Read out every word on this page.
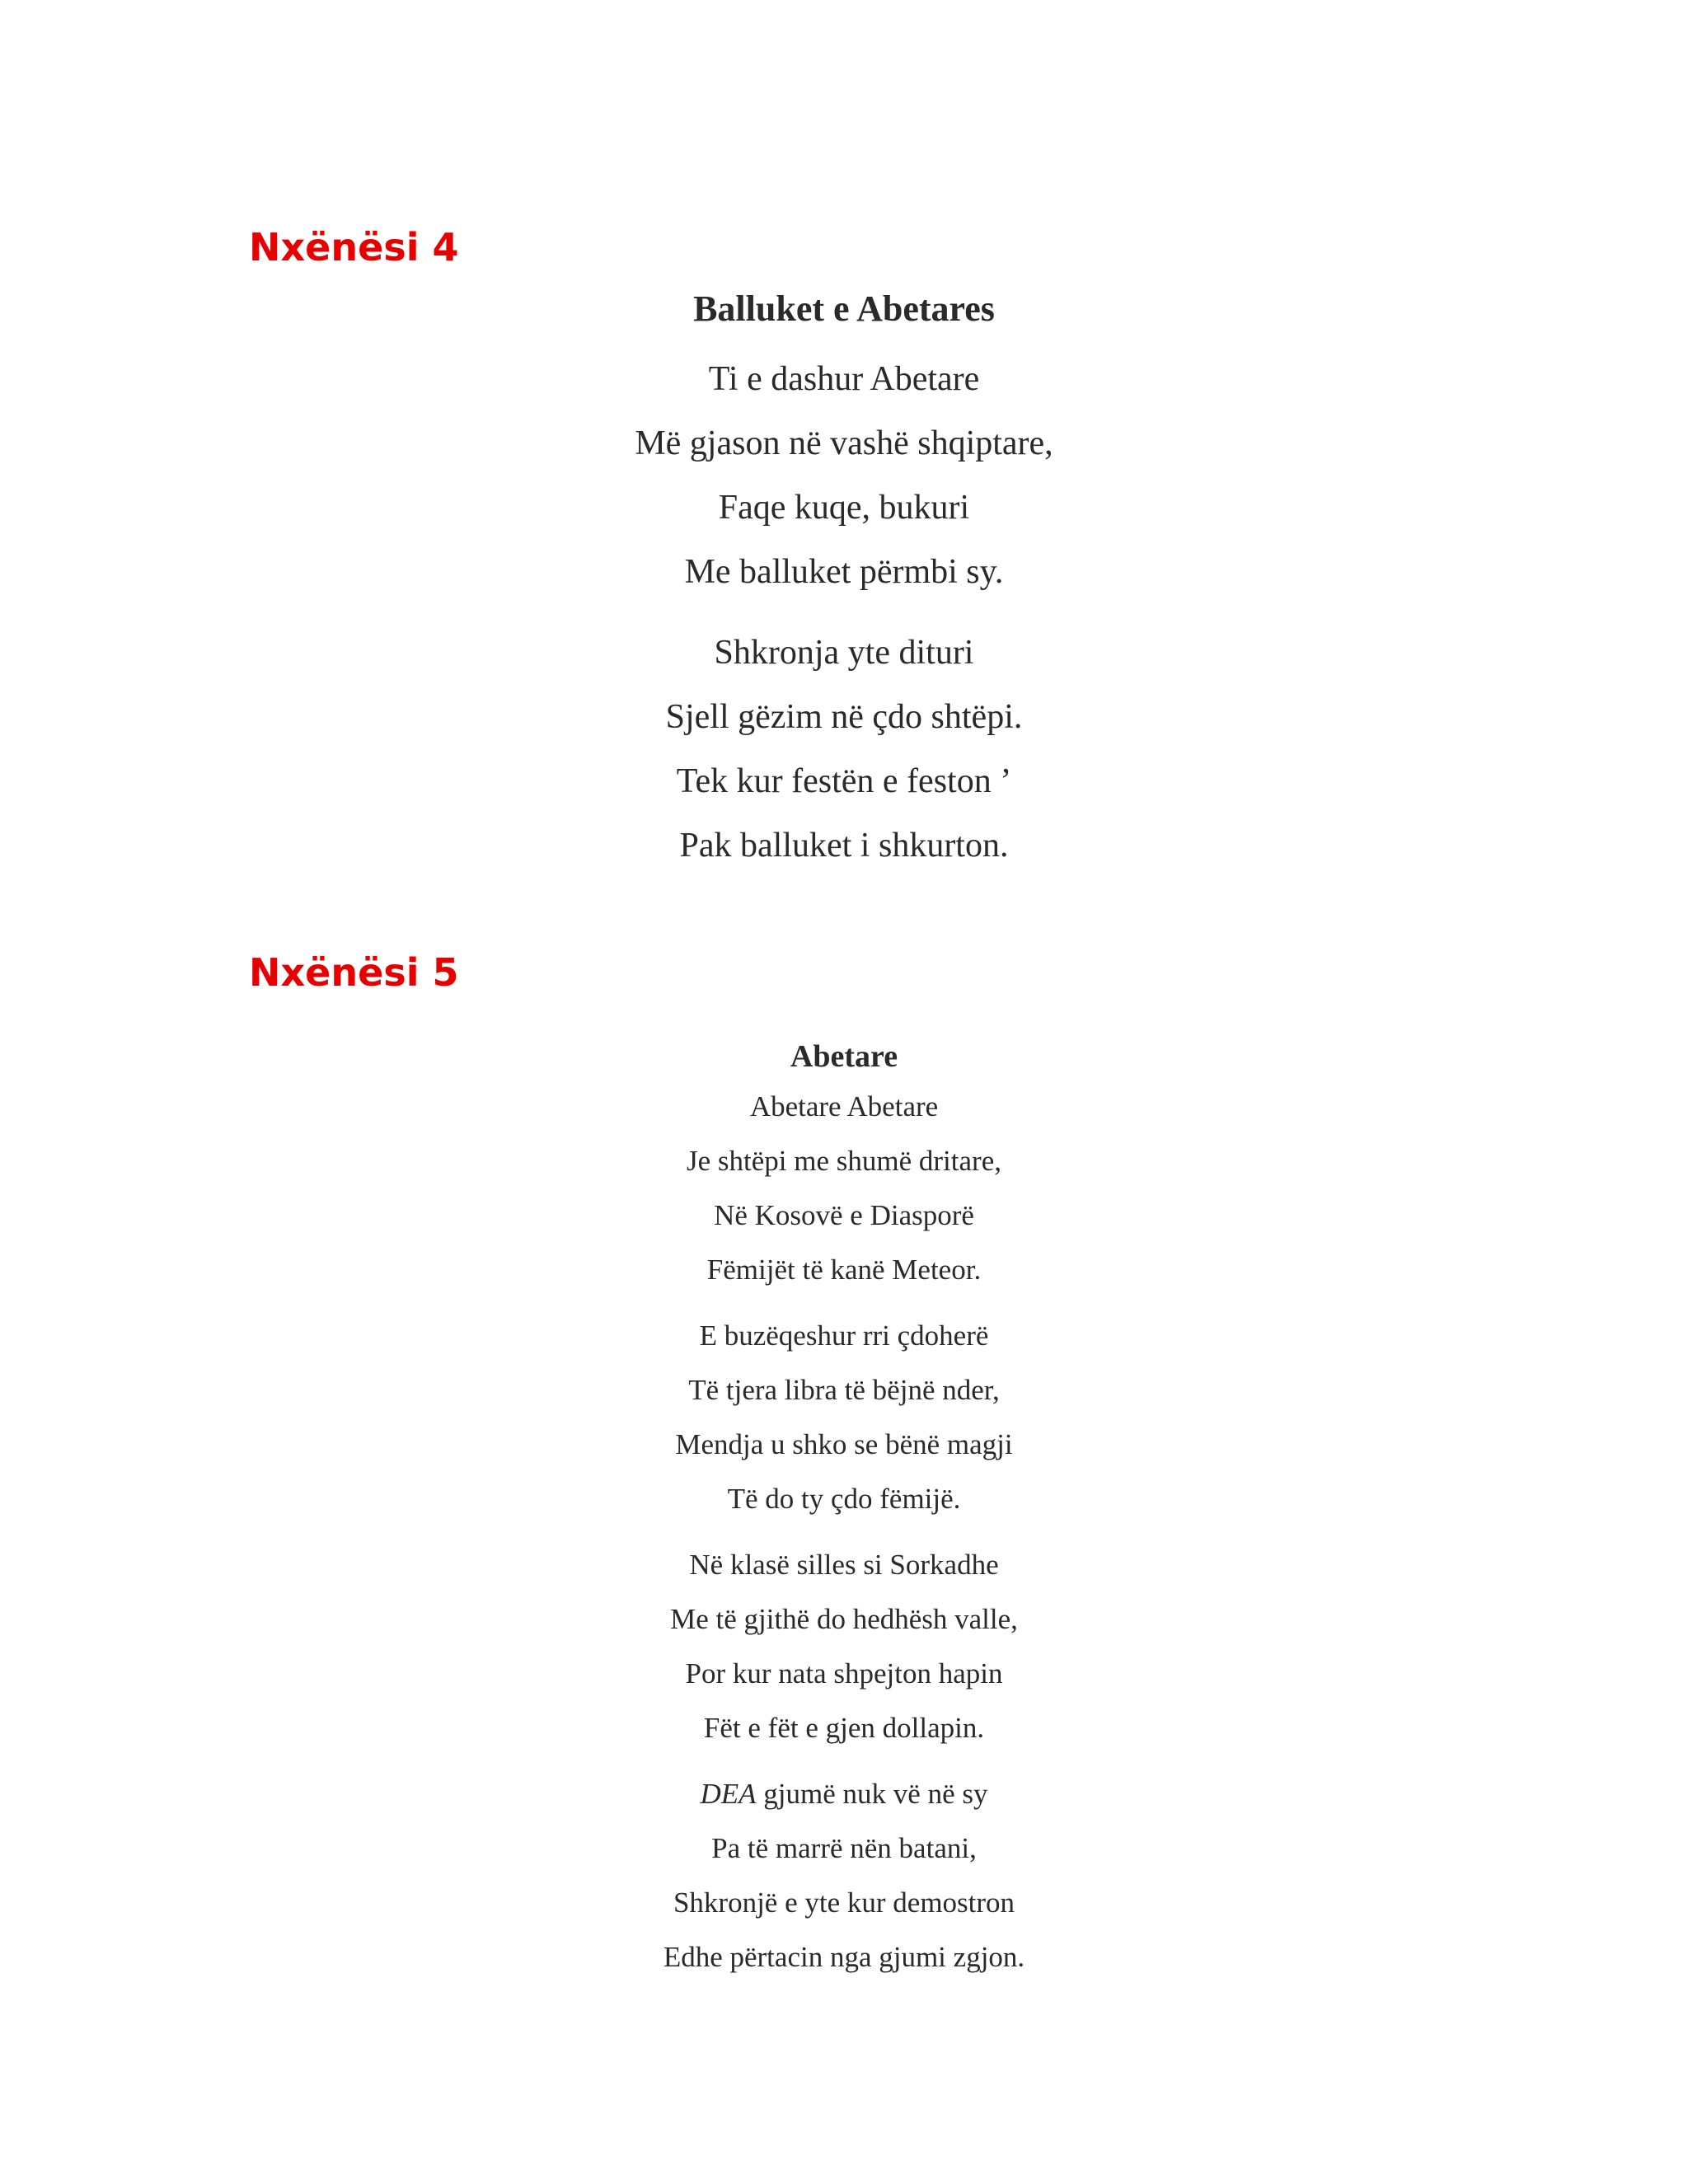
Nxënësi 4

Balluket e Abetares

Ti e dashur Abetare

Më gjason në vashë shqiptare,

Faqe kuqe, bukuri

Me balluket përmbi sy.

Shkronja yte dituri

Sjell gëzim në çdo shtëpi.

Tek kur festën e feston ’

Pak balluket i shkurton.

Nxënësi 5

Abetare

Abetare Abetare

Je shtëpi me shumë dritare,

Në Kosovë e Diasporë

Fëmijët të kanë Meteor.

E buzëqeshur rri çdoherë

Të tjera libra të bëjnë nder,

Mendja u shko se bënë magji

Të do ty çdo fëmijë.

Në klasë silles si Sorkadhe

Me të gjithë do hedhësh valle,

Por kur nata shpejton hapin

Fët e fët e gjen dollapin.

DEA gjumë nuk vë në sy

Pa të marrë nën batani,

Shkronjë e yte kur demostron

Edhe përtacin nga gjumi zgjon.
